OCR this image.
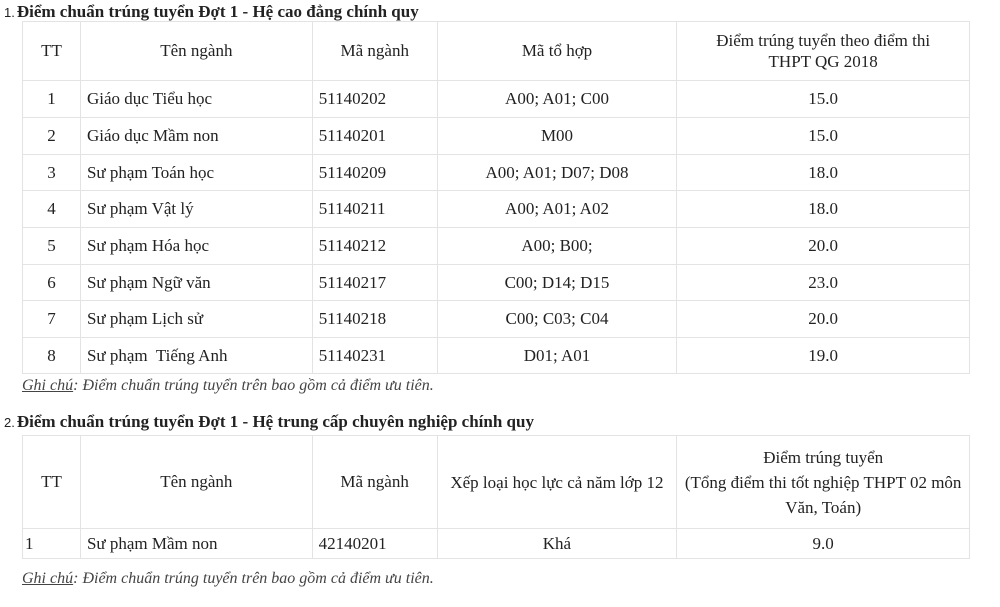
1. Điểm chuẩn trúng tuyển Đợt 1 - Hệ cao đẳng chính quy
TT	Tên ngành	Mã ngành	Mã tổ hợp	Điểm trúng tuyển theo điểm thi THPT QG 2018
1	Giáo dục Tiểu học	51140202	A00; A01; C00	15.0
2	Giáo dục Mầm non	51140201	M00	15.0
3	Sư phạm Toán học	51140209	A00; A01; D07; D08	18.0
4	Sư phạm Vật lý	51140211	A00; A01; A02	18.0
5	Sư phạm Hóa học	51140212	A00; B00;	20.0
6	Sư phạm Ngữ văn	51140217	C00; D14; D15	23.0
7	Sư phạm Lịch sử	51140218	C00; C03; C04	20.0
8	Sư phạm  Tiếng Anh	51140231	D01; A01	19.0
Ghi chú: Điểm chuẩn trúng tuyển trên bao gồm cả điểm ưu tiên.
2. Điểm chuẩn trúng tuyển Đợt 1 - Hệ trung cấp chuyên nghiệp chính quy
TT	Tên ngành	Mã ngành	Xếp loại học lực cả năm lớp 12	Điểm trúng tuyển
(Tổng điểm thi tốt nghiệp THPT 02 môn Văn, Toán)

1	Sư phạm Mầm non	42140201	Khá	9.0
Ghi chú: Điểm chuẩn trúng tuyển trên bao gồm cả điểm ưu tiên.
